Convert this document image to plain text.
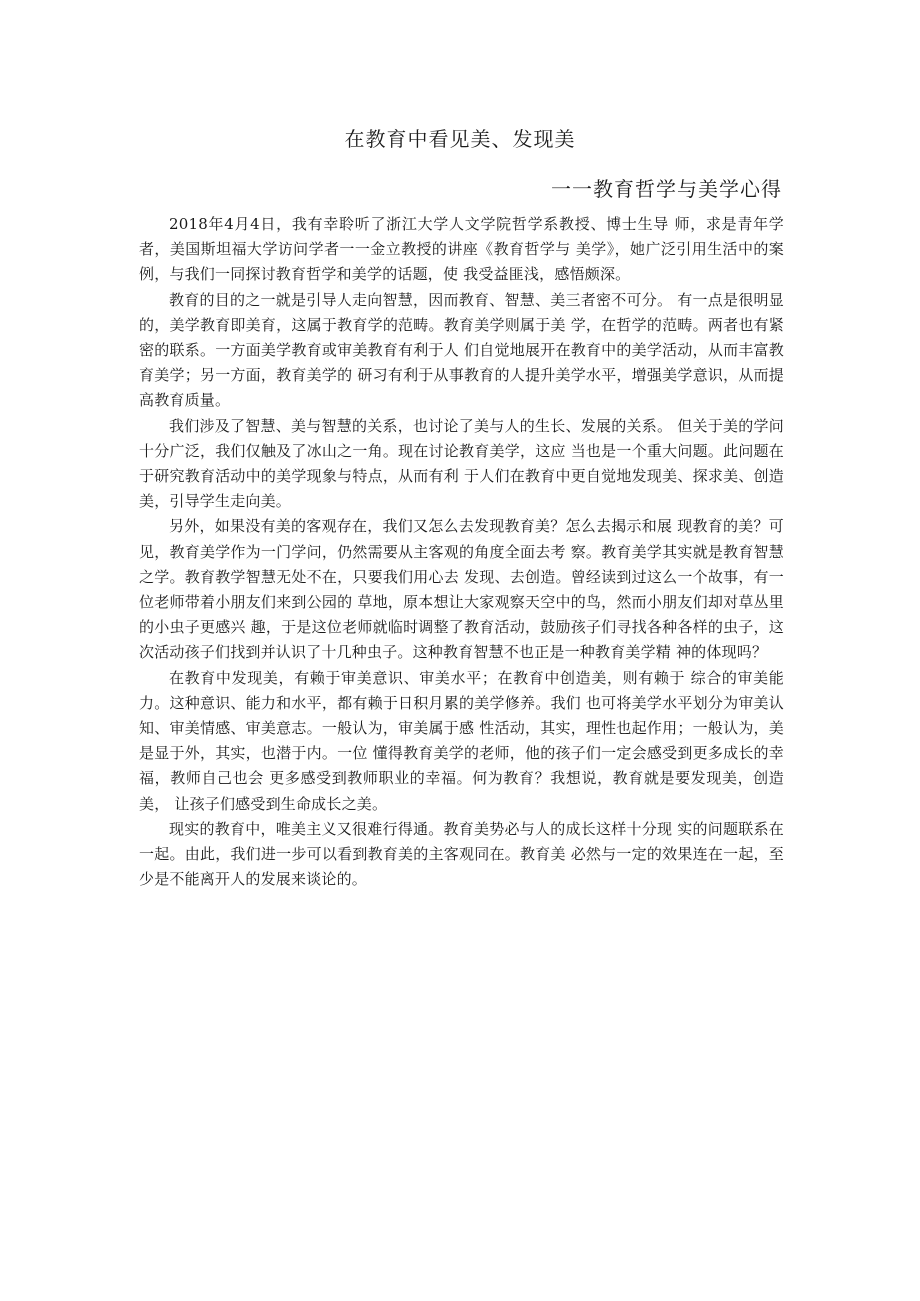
在教育中看见美、发现美
一一教育哲学与美学心得

2018年4月4日，我有幸聆听了浙江大学人文学院哲学系教授、博士生导 师，求是青年学者，美国斯坦福大学访问学者一一金立教授的讲座《教育哲学与 美学》，她广泛引用生活中的案例，与我们一同探讨教育哲学和美学的话题，使 我受益匪浅，感悟颇深。

教育的目的之一就是引导人走向智慧，因而教育、智慧、美三者密不可分。 有一点是很明显的，美学教育即美育，这属于教育学的范畴。教育美学则属于美 学，在哲学的范畴。两者也有紧密的联系。一方面美学教育或审美教育有利于人 们自觉地展开在教育中的美学活动，从而丰富教育美学；另一方面，教育美学的 研习有利于从事教育的人提升美学水平，增强美学意识，从而提高教育质量。

我们涉及了智慧、美与智慧的关系，也讨论了美与人的生长、发展的关系。 但关于美的学问十分广泛，我们仅触及了冰山之一角。现在讨论教育美学，这应 当也是一个重大问题。此问题在于研究教育活动中的美学现象与特点，从而有利 于人们在教育中更自觉地发现美、探求美、创造美，引导学生走向美。

另外，如果没有美的客观存在，我们又怎么去发现教育美？怎么去揭示和展 现教育的美？可见，教育美学作为一门学问，仍然需要从主客观的角度全面去考 察。教育美学其实就是教育智慧之学。教育教学智慧无处不在，只要我们用心去 发现、去创造。曾经读到过这么一个故事，有一位老师带着小朋友们来到公园的 草地，原本想让大家观察天空中的鸟，然而小朋友们却对草丛里的小虫子更感兴 趣，于是这位老师就临时调整了教育活动，鼓励孩子们寻找各种各样的虫子，这 次活动孩子们找到并认识了十几种虫子。这种教育智慧不也正是一种教育美学精 神的体现吗？

在教育中发现美，有赖于审美意识、审美水平；在教育中创造美，则有赖于 综合的审美能力。这种意识、能力和水平，都有赖于日积月累的美学修养。我们 也可将美学水平划分为审美认知、审美情感、审美意志。一般认为，审美属于感 性活动，其实，理性也起作用；一般认为，美是显于外，其实，也潜于内。一位 懂得教育美学的老师，他的孩子们一定会感受到更多成长的幸福，教师自己也会 更多感受到教师职业的幸福。何为教育？我想说，教育就是要发现美，创造美， 让孩子们感受到生命成长之美。

现实的教育中，唯美主义又很难行得通。教育美势必与人的成长这样十分现 实的问题联系在一起。由此，我们进一步可以看到教育美的主客观同在。教育美 必然与一定的效果连在一起，至少是不能离开人的发展来谈论的。
